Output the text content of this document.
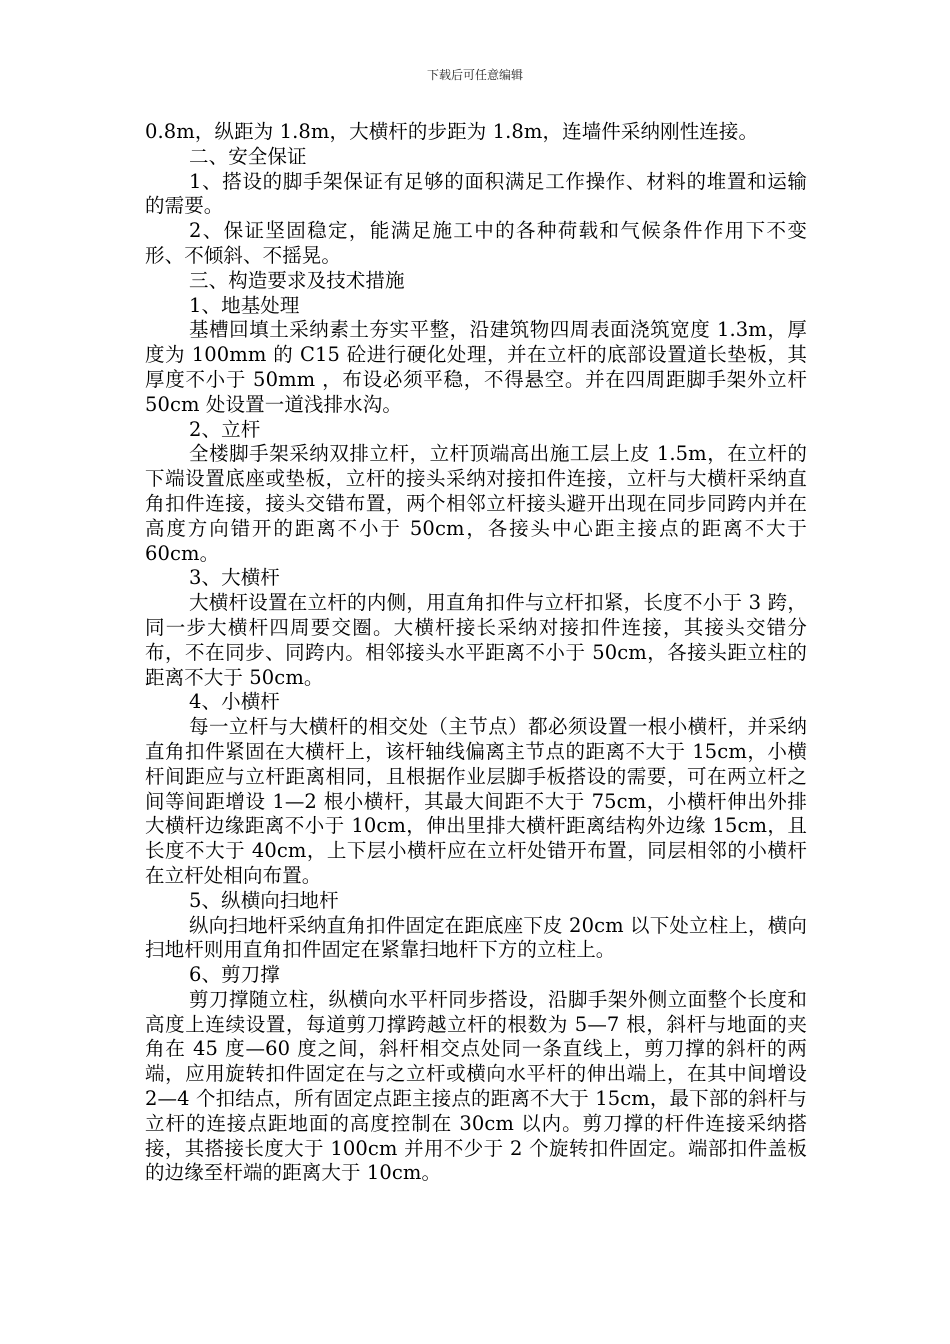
下载后可任意编辑

0.8m，纵距为 1.8m，大横杆的步距为 1.8m，连墙件采纳刚性连接。

二、安全保证

1、搭设的脚手架保证有足够的面积满足工作操作、材料的堆置和运输的需要。

2、保证坚固稳定，能满足施工中的各种荷载和气候条件作用下不变形、不倾斜、不摇晃。

三、构造要求及技术措施

1、地基处理

基槽回填土采纳素土夯实平整，沿建筑物四周表面浇筑宽度 1.3m，厚度为 100mm 的 C15 砼进行硬化处理，并在立杆的底部设置道长垫板，其厚度不小于 50mm ，布设必须平稳，不得悬空。并在四周距脚手架外立杆 50cm 处设置一道浅排水沟。

2、立杆

全楼脚手架采纳双排立杆，立杆顶端高出施工层上皮 1.5m，在立杆的下端设置底座或垫板，立杆的接头采纳对接扣件连接，立杆与大横杆采纳直角扣件连接，接头交错布置，两个相邻立杆接头避开出现在同步同跨内并在高度方向错开的距离不小于 50cm，各接头中心距主接点的距离不大于 60cm。

3、大横杆

大横杆设置在立杆的内侧，用直角扣件与立杆扣紧，长度不小于 3 跨，同一步大横杆四周要交圈。大横杆接长采纳对接扣件连接，其接头交错分布，不在同步、同跨内。相邻接头水平距离不小于 50cm，各接头距立柱的距离不大于 50cm。

4、小横杆

每一立杆与大横杆的相交处（主节点）都必须设置一根小横杆，并采纳直角扣件紧固在大横杆上，该杆轴线偏离主节点的距离不大于 15cm，小横杆间距应与立杆距离相同，且根据作业层脚手板搭设的需要，可在两立杆之间等间距增设 1—2 根小横杆，其最大间距不大于 75cm，小横杆伸出外排大横杆边缘距离不小于 10cm，伸出里排大横杆距离结构外边缘 15cm，且长度不大于 40cm，上下层小横杆应在立杆处错开布置，同层相邻的小横杆在立杆处相向布置。

5、纵横向扫地杆

纵向扫地杆采纳直角扣件固定在距底座下皮 20cm 以下处立柱上，横向扫地杆则用直角扣件固定在紧靠扫地杆下方的立柱上。

6、剪刀撑

剪刀撑随立柱，纵横向水平杆同步搭设，沿脚手架外侧立面整个长度和高度上连续设置，每道剪刀撑跨越立杆的根数为 5—7 根，斜杆与地面的夹角在 45 度—60 度之间，斜杆相交点处同一条直线上，剪刀撑的斜杆的两端，应用旋转扣件固定在与之立杆或横向水平杆的伸出端上，在其中间增设 2—4 个扣结点，所有固定点距主接点的距离不大于 15cm，最下部的斜杆与立杆的连接点距地面的高度控制在 30cm 以内。剪刀撑的杆件连接采纳搭接，其搭接长度大于 100cm 并用不少于 2 个旋转扣件固定。端部扣件盖板的边缘至杆端的距离大于 10cm。
